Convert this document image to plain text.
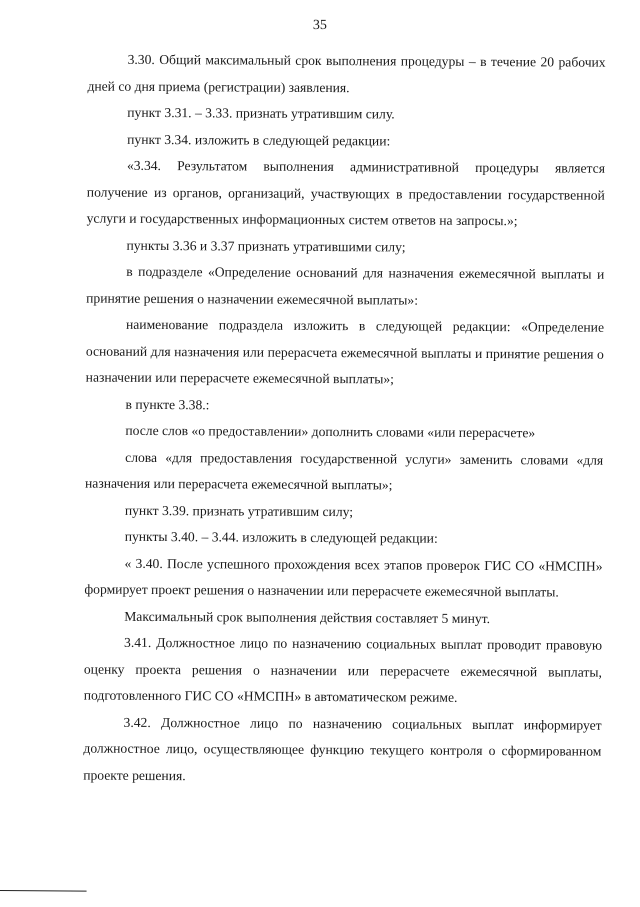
35

3.30. Общий максимальный срок выполнения процедуры – в течение 20 рабочих дней со дня приема (регистрации) заявления.

пункт 3.31. – 3.33. признать утратившим силу.

пункт 3.34. изложить в следующей редакции:

«3.34. Результатом выполнения административной процедуры является получение из органов, организаций, участвующих в предоставлении государственной услуги и государственных информационных систем ответов на запросы.»;

пункты 3.36 и 3.37 признать утратившими силу;

в подразделе «Определение оснований для назначения ежемесячной выплаты и принятие решения о назначении ежемесячной выплаты»:

наименование подраздела изложить в следующей редакции: «Определение оснований для назначения или перерасчета ежемесячной выплаты и принятие решения о назначении или перерасчете ежемесячной выплаты»;

в пункте 3.38.:

после слов «о предоставлении» дополнить словами «или перерасчете»

слова «для предоставления государственной услуги» заменить словами «для назначения или перерасчета ежемесячной выплаты»;

пункт 3.39. признать утратившим силу;

пункты 3.40. – 3.44. изложить в следующей редакции:

« 3.40. После успешного прохождения всех этапов проверок ГИС СО «НМСПН» формирует проект решения о назначении или перерасчете ежемесячной выплаты.

Максимальный срок выполнения действия составляет 5 минут.

3.41. Должностное лицо по назначению социальных выплат проводит правовую оценку проекта решения о назначении или перерасчете ежемесячной выплаты, подготовленного ГИС СО «НМСПН» в автоматическом режиме.

3.42. Должностное лицо по назначению социальных выплат информирует должностное лицо, осуществляющее функцию текущего контроля о сформированном проекте решения.
